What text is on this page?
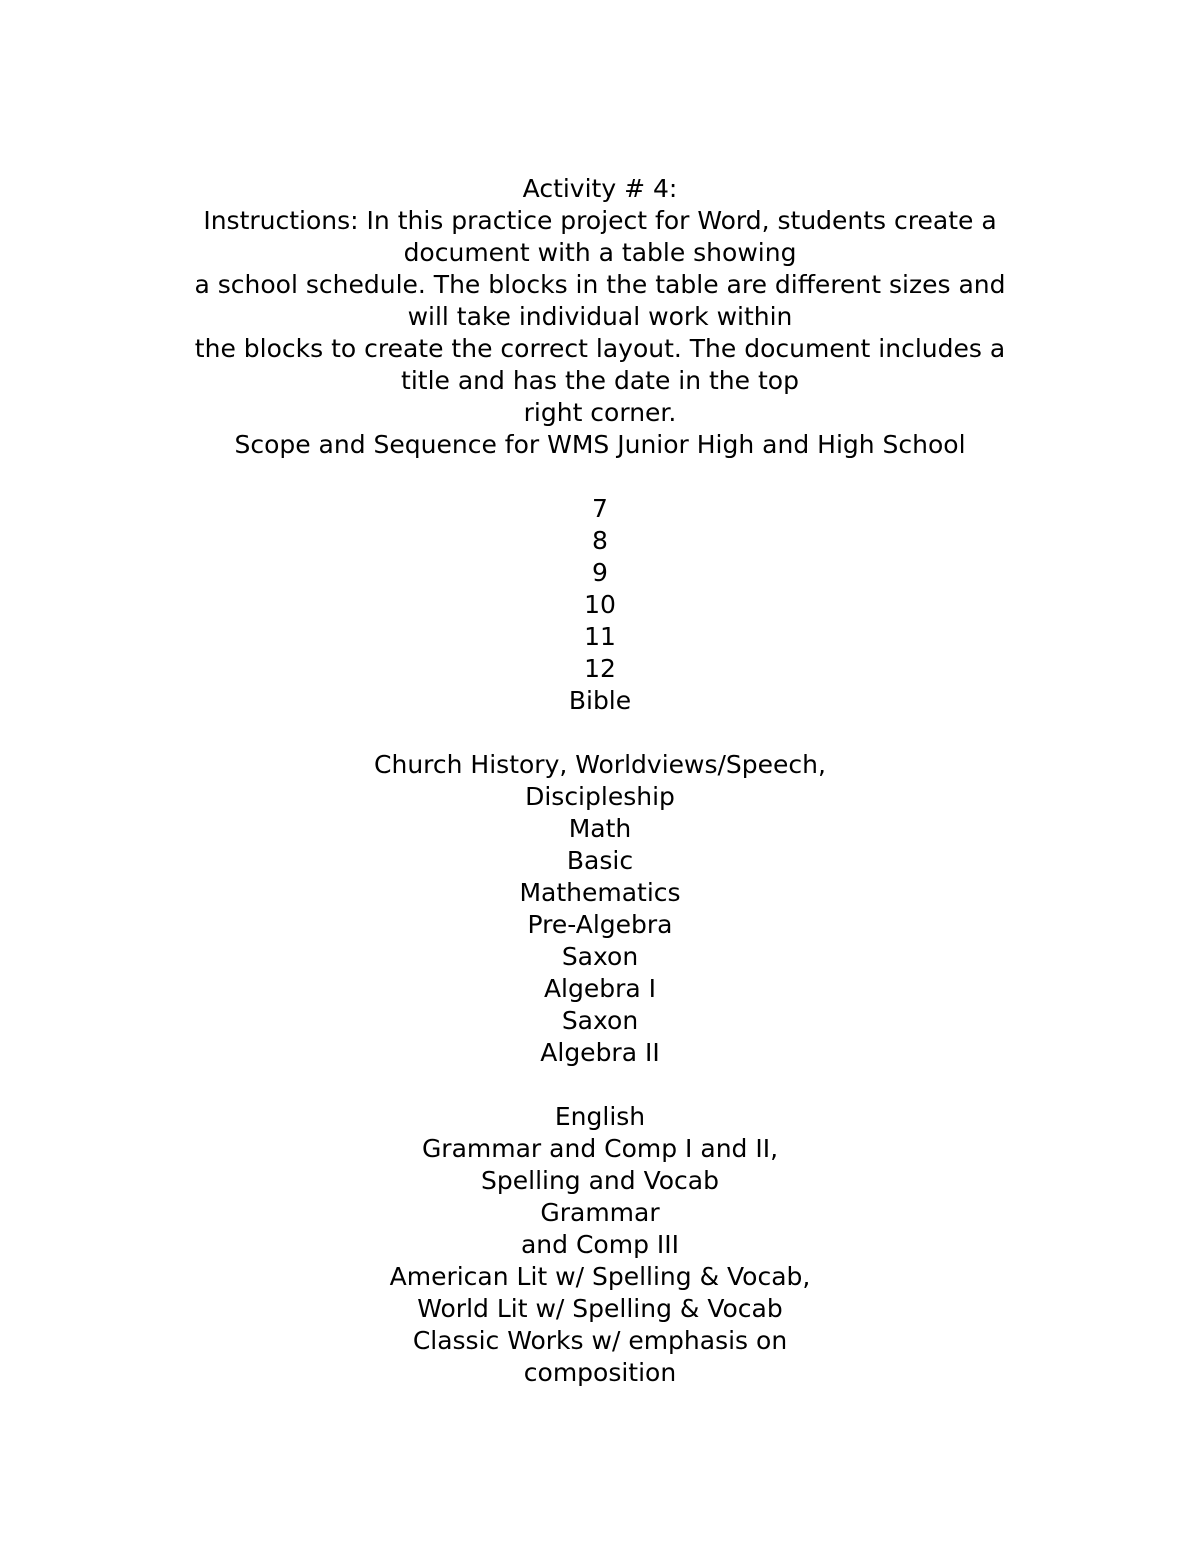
Activity # 4:
Instructions: In this practice project for Word, students create a
document with a table showing
a school schedule. The blocks in the table are different sizes and
will take individual work within
the blocks to create the correct layout. The document includes a
title and has the date in the top
right corner.
Scope and Sequence for WMS Junior High and High School
7
8
9
10
11
12
Bible
Church History, Worldviews/Speech,
Discipleship
Math
Basic
Mathematics
Pre-Algebra
Saxon
Algebra I
Saxon
Algebra II
English
Grammar and Comp I and II,
Spelling and Vocab
Grammar
and Comp III
American Lit w/ Spelling & Vocab,
World Lit w/ Spelling & Vocab
Classic Works w/ emphasis on
composition
